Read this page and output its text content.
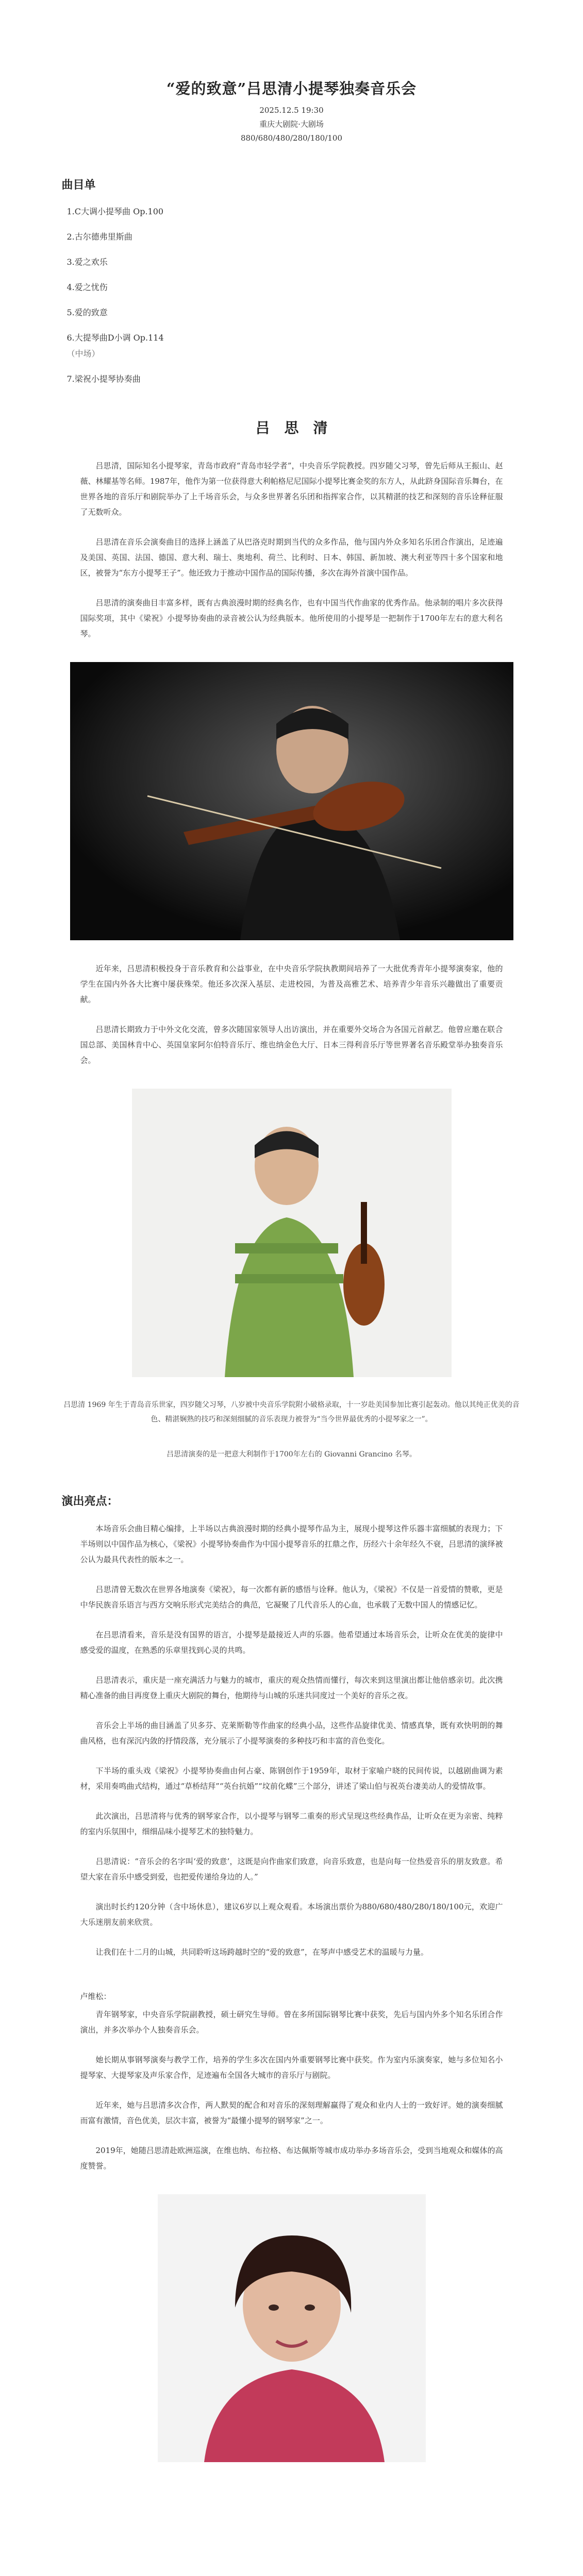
“爱的致意”吕思清小提琴独奏音乐会
2025.12.5 19:30
重庆大剧院·大剧场
880/680/480/280/180/100
曲目单
1.C大调小提琴曲 Op.100
2.古尔德弗里斯曲
3.爱之欢乐
4.爱之忧伤
5.爱的致意
6.大提琴曲D小调 Op.114
（中场）
7.梁祝小提琴协奏曲
吕思清

吕思清，国际知名小提琴家，青岛市政府“青岛市轻学者”，中央音乐学院教授。四岁随父习琴，曾先后师从王振山、赵薇、林耀基等名师。1987年，他作为第一位获得意大利帕格尼尼国际小提琴比赛金奖的东方人，从此跻身国际音乐舞台，在世界各地的音乐厅和剧院举办了上千场音乐会，与众多世界著名乐团和指挥家合作，以其精湛的技艺和深刻的音乐诠释征服了无数听众。

吕思清在音乐会演奏曲目的选择上涵盖了从巴洛克时期到当代的众多作品，他与国内外众多知名乐团合作演出，足迹遍及美国、英国、法国、德国、意大利、瑞士、奥地利、荷兰、比利时、日本、韩国、新加坡、澳大利亚等四十多个国家和地区，被誉为“东方小提琴王子”。他还致力于推动中国作品的国际传播，多次在海外首演中国作品。

吕思清的演奏曲目丰富多样，既有古典浪漫时期的经典名作，也有中国当代作曲家的优秀作品。他录制的唱片多次获得国际奖项，其中《梁祝》小提琴协奏曲的录音被公认为经典版本。他所使用的小提琴是一把制作于1700年左右的意大利名琴。

近年来，吕思清积极投身于音乐教育和公益事业，在中央音乐学院执教期间培养了一大批优秀青年小提琴演奏家，他的学生在国内外各大比赛中屡获殊荣。他还多次深入基层、走进校园，为普及高雅艺术、培养青少年音乐兴趣做出了重要贡献。

吕思清长期致力于中外文化交流，曾多次随国家领导人出访演出，并在重要外交场合为各国元首献艺。他曾应邀在联合国总部、美国林肯中心、英国皇家阿尔伯特音乐厅、维也纳金色大厅、日本三得利音乐厅等世界著名音乐殿堂举办独奏音乐会。

吕思清 1969 年生于青岛音乐世家，四岁随父习琴，八岁被中央音乐学院附小破格录取，十一岁赴美国参加比赛引起轰动。他以其纯正优美的音色、精湛娴熟的技巧和深刻细腻的音乐表现力被誉为“当今世界最优秀的小提琴家之一”。
吕思清演奏的是一把意大利制作于1700年左右的 Giovanni Grancino 名琴。
演出亮点：

本场音乐会曲目精心编排，上半场以古典浪漫时期的经典小提琴作品为主，展现小提琴这件乐器丰富细腻的表现力；下半场则以中国作品为核心，《梁祝》小提琴协奏曲作为中国小提琴音乐的扛鼎之作，历经六十余年经久不衰，吕思清的演绎被公认为最具代表性的版本之一。

吕思清曾无数次在世界各地演奏《梁祝》，每一次都有新的感悟与诠释。他认为，《梁祝》不仅是一首爱情的赞歌，更是中华民族音乐语言与西方交响乐形式完美结合的典范，它凝聚了几代音乐人的心血，也承载了无数中国人的情感记忆。

在吕思清看来，音乐是没有国界的语言，小提琴是最接近人声的乐器。他希望通过本场音乐会，让听众在优美的旋律中感受爱的温度，在熟悉的乐章里找到心灵的共鸣。

吕思清表示，重庆是一座充满活力与魅力的城市，重庆的观众热情而懂行，每次来到这里演出都让他倍感亲切。此次携精心准备的曲目再度登上重庆大剧院的舞台，他期待与山城的乐迷共同度过一个美好的音乐之夜。

音乐会上半场的曲目涵盖了贝多芬、克莱斯勒等作曲家的经典小品，这些作品旋律优美、情感真挚，既有欢快明朗的舞曲风格，也有深沉内敛的抒情段落，充分展示了小提琴演奏的多种技巧和丰富的音色变化。

下半场的重头戏《梁祝》小提琴协奏曲由何占豪、陈钢创作于1959年，取材于家喻户晓的民间传说，以越剧曲调为素材，采用奏鸣曲式结构，通过“草桥结拜”“英台抗婚”“坟前化蝶”三个部分，讲述了梁山伯与祝英台凄美动人的爱情故事。

此次演出，吕思清将与优秀的钢琴家合作，以小提琴与钢琴二重奏的形式呈现这些经典作品，让听众在更为亲密、纯粹的室内乐氛围中，细细品味小提琴艺术的独特魅力。

吕思清说：“音乐会的名字叫‘爱的致意’，这既是向作曲家们致意，向音乐致意，也是向每一位热爱音乐的朋友致意。希望大家在音乐中感受到爱，也把爱传递给身边的人。”

演出时长约120分钟（含中场休息），建议6岁以上观众观看。本场演出票价为880/680/480/280/180/100元，欢迎广大乐迷朋友前来欣赏。

让我们在十二月的山城，共同聆听这场跨越时空的“爱的致意”，在琴声中感受艺术的温暖与力量。

卢维松：

青年钢琴家，中央音乐学院副教授，硕士研究生导师。曾在多所国际钢琴比赛中获奖，先后与国内外多个知名乐团合作演出，并多次举办个人独奏音乐会。

她长期从事钢琴演奏与教学工作，培养的学生多次在国内外重要钢琴比赛中获奖。作为室内乐演奏家，她与多位知名小提琴家、大提琴家及声乐家合作，足迹遍布全国各大城市的音乐厅与剧院。

近年来，她与吕思清多次合作，两人默契的配合和对音乐的深刻理解赢得了观众和业内人士的一致好评。她的演奏细腻而富有激情，音色优美，层次丰富，被誉为“最懂小提琴的钢琴家”之一。

2019年，她随吕思清赴欧洲巡演，在维也纳、布拉格、布达佩斯等城市成功举办多场音乐会，受到当地观众和媒体的高度赞誉。
